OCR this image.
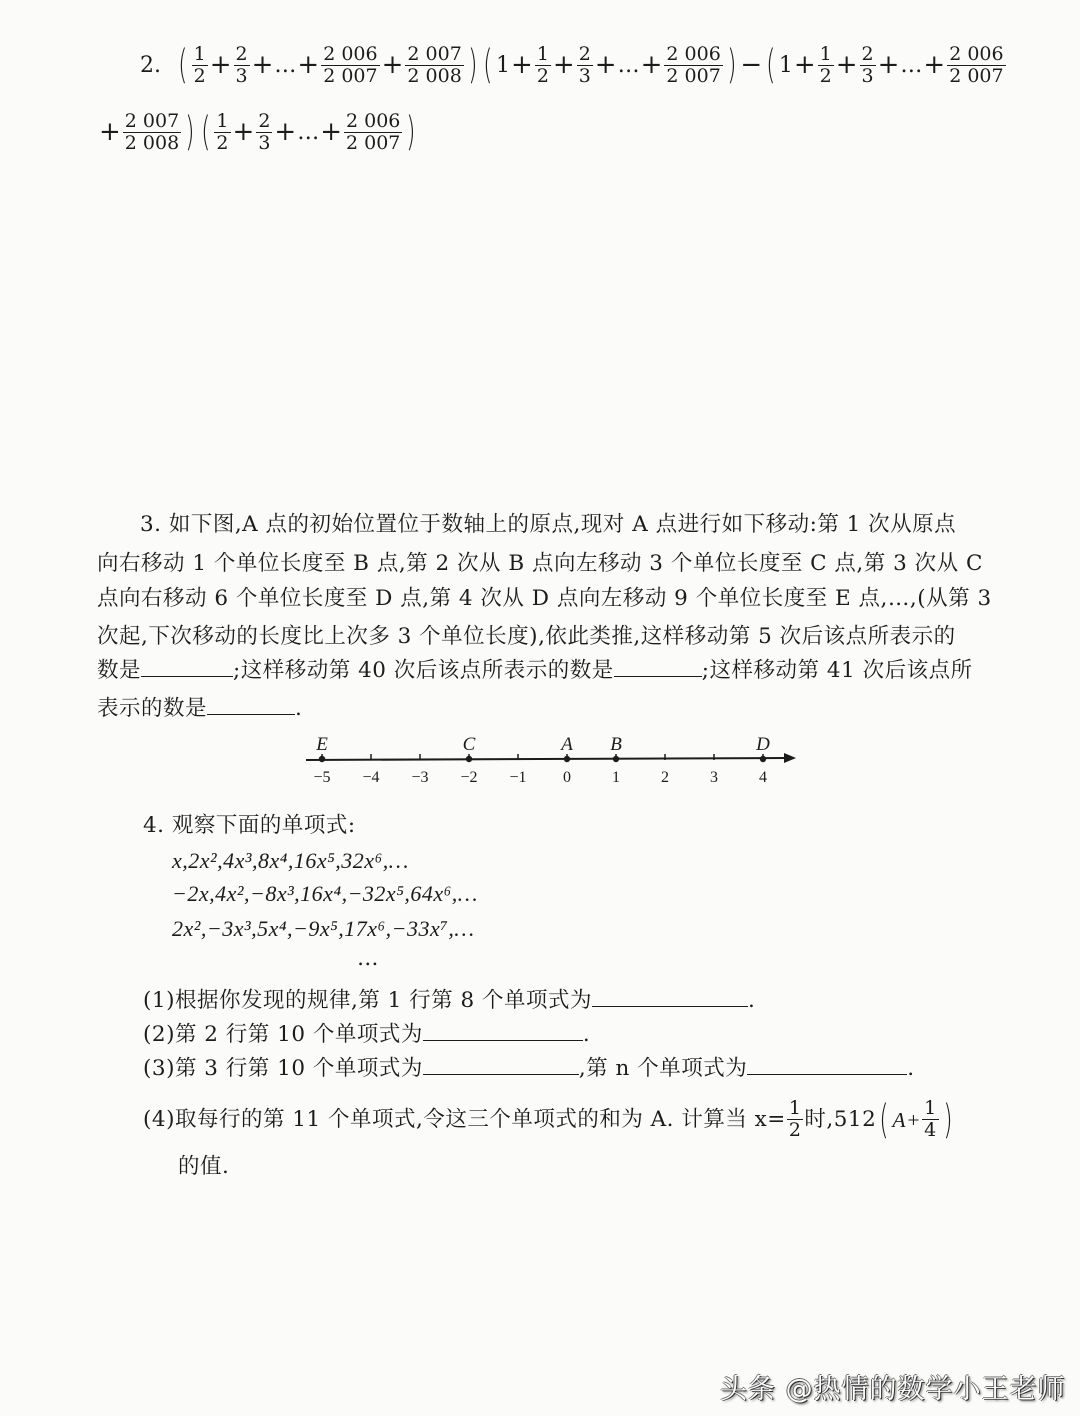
2. ( $\frac{1}{2} + \frac{2}{3}$ + … + $\frac{2 006}{2 007} + \frac{2 007}{2 008}$ ) ( $1 + \frac{1}{2} + \frac{2}{3}$ + … + $\frac{2 006}{2 007}$ ) − ( $1 + \frac{1}{2} + \frac{2}{3}$ + … + $\frac{2 006}{2 007}$
+ $\frac{2 007}{2 008}$ ) ( $\frac{1}{2} + \frac{2}{3}$ + … + $\frac{2 006}{2 007}$ )
3. 如下图,A 点的初始位置位于数轴上的原点,现对 A 点进行如下移动:第 1 次从原点
向右移动 1 个单位长度至 B 点,第 2 次从 B 点向左移动 3 个单位长度至 C 点,第 3 次从 C
点向右移动 6 个单位长度至 D 点,第 4 次从 D 点向左移动 9 个单位长度至 E 点,…,(从第 3
次起,下次移动的长度比上次多 3 个单位长度),依此类推,这样移动第 5 次后该点所表示的
数是	;这样移动第 40 次后该点所表示的数是	;这样移动第 41 次后该点所
表示的数是	.
−5 −4 −3 −2 −1 0	1	2	3	4
E	C	A B	D
4. 观察下面的单项式:
x,2x²,4x³,8x⁴,16x⁵,32x⁶,…
−2x,4x²,−8x³,16x⁴,−32x⁵,64x⁶,…
2x²,−3x³,5x⁴,−9x⁵,17x⁶,−33x⁷,…
…
(1)根据你发现的规律,第 1 行第 8 个单项式为	.
(2)第 2 行第 10 个单项式为	.
(3)第 3 行第 10 个单项式为	,第 n 个单项式为	.
(4)取每行的第 11 个单项式,令这三个单项式的和为 A. 计算当 $x= \frac{1}{2}$ 时,512 ( $A+ \frac{1}{4}$ )
的值.
头条 @热情的数学小王老师
